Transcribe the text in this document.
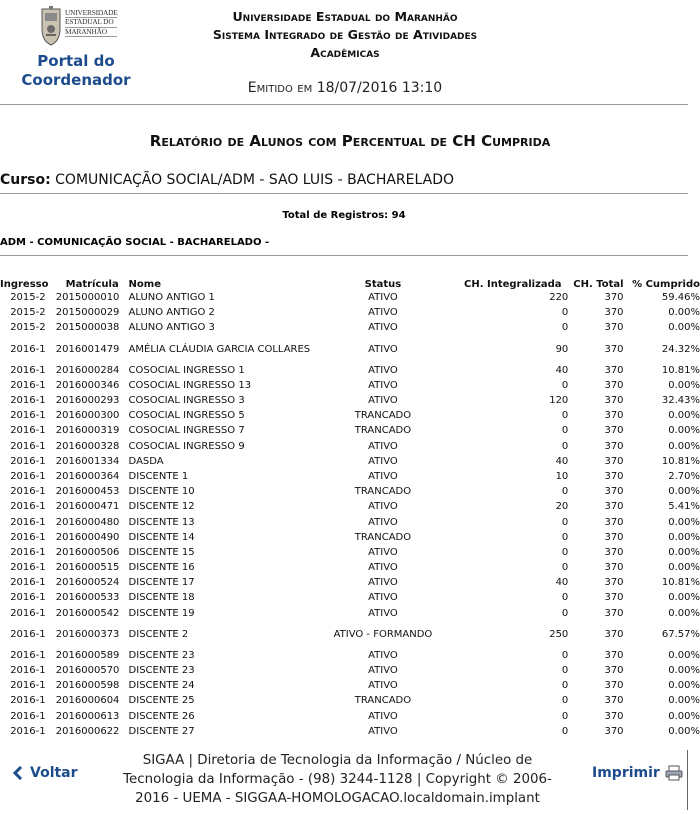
UNIVERSIDADE
ESTADUAL DO
MARANHÃO
Portal do
Coordenador
Universidade Estadual do Maranhão
Sistema Integrado de Gestão de Atividades
Acadêmicas
Emitido em 18/07/2016 13:10
Relatório de Alunos com Percentual de CH Cumprida
Curso: COMUNICAÇÃO SOCIAL/ADM - SAO LUIS - BACHARELADO
Total de Registros: 94
ADM - COMUNICAÇÃO SOCIAL - BACHARELADO -
Ingresso	Matrícula	Nome	Status	CH. Integralizada	CH. Total	% Cumprido
2015-2	2015000010	ALUNO ANTIGO 1	ATIVO	220	370	59.46%
2015-2	2015000029	ALUNO ANTIGO 2	ATIVO	0	370	0.00%
2015-2	2015000038	ALUNO ANTIGO 3	ATIVO	0	370	0.00%
2016-1	2016001479	AMÉLIA CLÁUDIA GARCIA COLLARES	ATIVO	90	370	24.32%
2016-1	2016000284	COSOCIAL INGRESSO 1	ATIVO	40	370	10.81%
2016-1	2016000346	COSOCIAL INGRESSO 13	ATIVO	0	370	0.00%
2016-1	2016000293	COSOCIAL INGRESSO 3	ATIVO	120	370	32.43%
2016-1	2016000300	COSOCIAL INGRESSO 5	TRANCADO	0	370	0.00%
2016-1	2016000319	COSOCIAL INGRESSO 7	TRANCADO	0	370	0.00%
2016-1	2016000328	COSOCIAL INGRESSO 9	ATIVO	0	370	0.00%
2016-1	2016001334	DASDA	ATIVO	40	370	10.81%
2016-1	2016000364	DISCENTE 1	ATIVO	10	370	2.70%
2016-1	2016000453	DISCENTE 10	TRANCADO	0	370	0.00%
2016-1	2016000471	DISCENTE 12	ATIVO	20	370	5.41%
2016-1	2016000480	DISCENTE 13	ATIVO	0	370	0.00%
2016-1	2016000490	DISCENTE 14	TRANCADO	0	370	0.00%
2016-1	2016000506	DISCENTE 15	ATIVO	0	370	0.00%
2016-1	2016000515	DISCENTE 16	ATIVO	0	370	0.00%
2016-1	2016000524	DISCENTE 17	ATIVO	40	370	10.81%
2016-1	2016000533	DISCENTE 18	ATIVO	0	370	0.00%
2016-1	2016000542	DISCENTE 19	ATIVO	0	370	0.00%
2016-1	2016000373	DISCENTE 2	ATIVO - FORMANDO	250	370	67.57%
2016-1	2016000589	DISCENTE 23	ATIVO	0	370	0.00%
2016-1	2016000570	DISCENTE 23	ATIVO	0	370	0.00%
2016-1	2016000598	DISCENTE 24	ATIVO	0	370	0.00%
2016-1	2016000604	DISCENTE 25	TRANCADO	0	370	0.00%
2016-1	2016000613	DISCENTE 26	ATIVO	0	370	0.00%
2016-1	2016000622	DISCENTE 27	ATIVO	0	370	0.00%
Voltar
SIGAA | Diretoria de Tecnologia da Informação / Núcleo de
Tecnologia da Informação - (98) 3244-1128 | Copyright © 2006-
2016 - UEMA - SIGGAA-HOMOLOGACAO.localdomain.implant
Imprimir
